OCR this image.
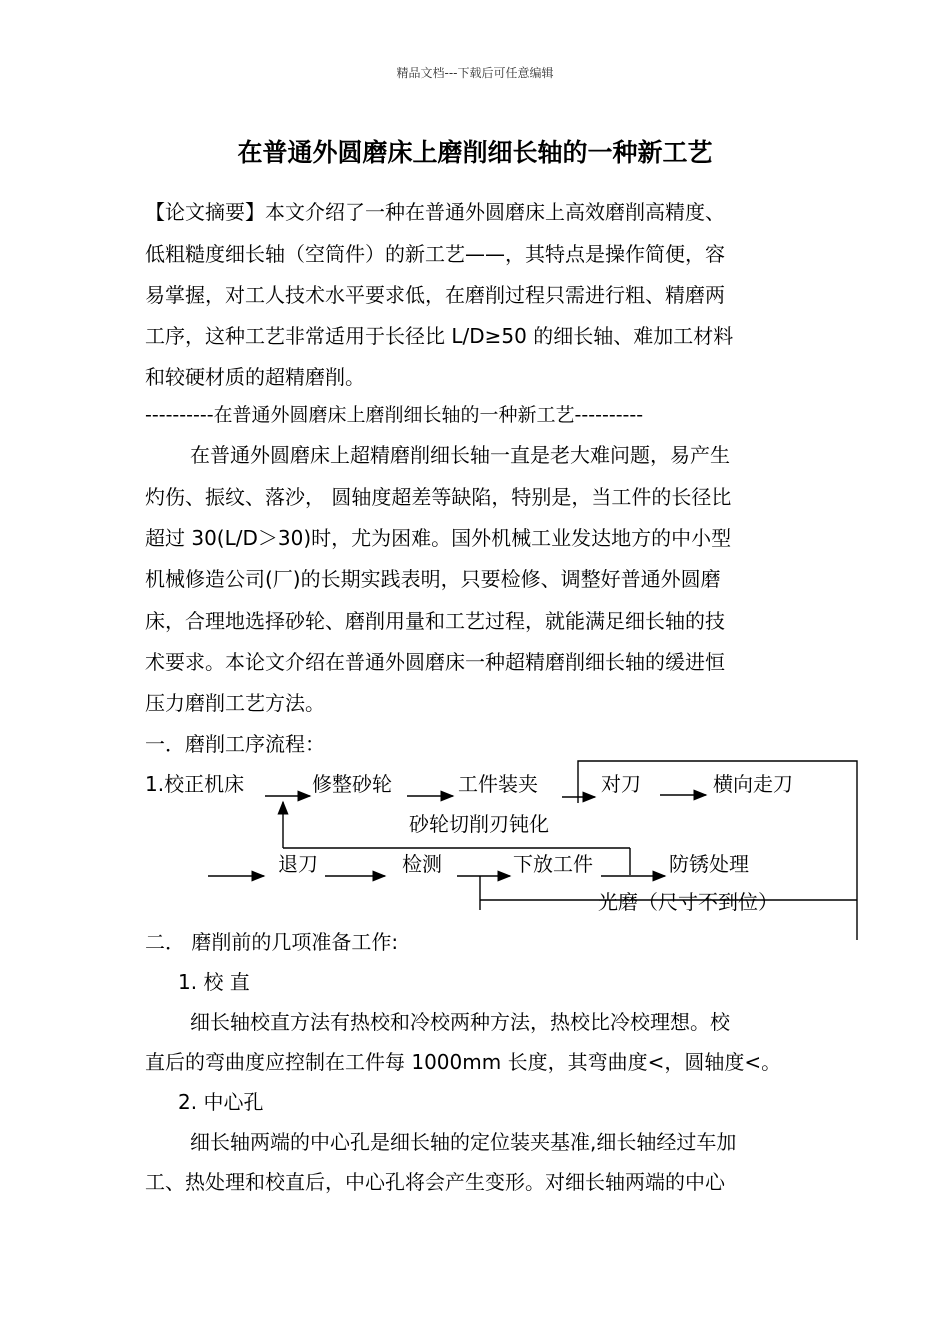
精品文档---下载后可任意编辑
在普通外圆磨床上磨削细长轴的一种新工艺
【论文摘要】本文介绍了一种在普通外圆磨床上高效磨削高精度、
低粗糙度细长轴（空筒件）的新工艺——，其特点是操作简便，容
易掌握，对工人技术水平要求低，在磨削过程只需进行粗、精磨两
工序，这种工艺非常适用于长径比 L/D≥50 的细长轴、难加工材料
和较硬材质的超精磨削。
----------在普通外圆磨床上磨削细长轴的一种新工艺----------
在普通外圆磨床上超精磨削细长轴一直是老大难问题，易产生
灼伤、振纹、落沙， 圆轴度超差等缺陷，特别是，当工件的长径比
超过 30(L/D＞30)时，尤为困难。国外机械工业发达地方的中小型
机械修造公司(厂)的长期实践表明，只要检修、调整好普通外圆磨
床，合理地选择砂轮、磨削用量和工艺过程，就能满足细长轴的技
术要求。本论文介绍在普通外圆磨床一种超精磨削细长轴的缓进恒
压力磨削工艺方法。
一．磨削工序流程：
1.校正机床	修整砂轮	工件装夹	对刀	横向走刀
砂轮切削刃钝化
退刀	检测	下放工件	防锈处理
光磨（尺寸不到位）
二． 磨削前的几项准备工作:
1. 校 直
细长轴校直方法有热校和冷校两种方法，热校比冷校理想。校
直后的弯曲度应控制在工件每 1000mm 长度，其弯曲度<，圆轴度<。
2. 中心孔
细长轴两端的中心孔是细长轴的定位装夹基准,细长轴经过车加
工、热处理和校直后，中心孔将会产生变形。对细长轴两端的中心
